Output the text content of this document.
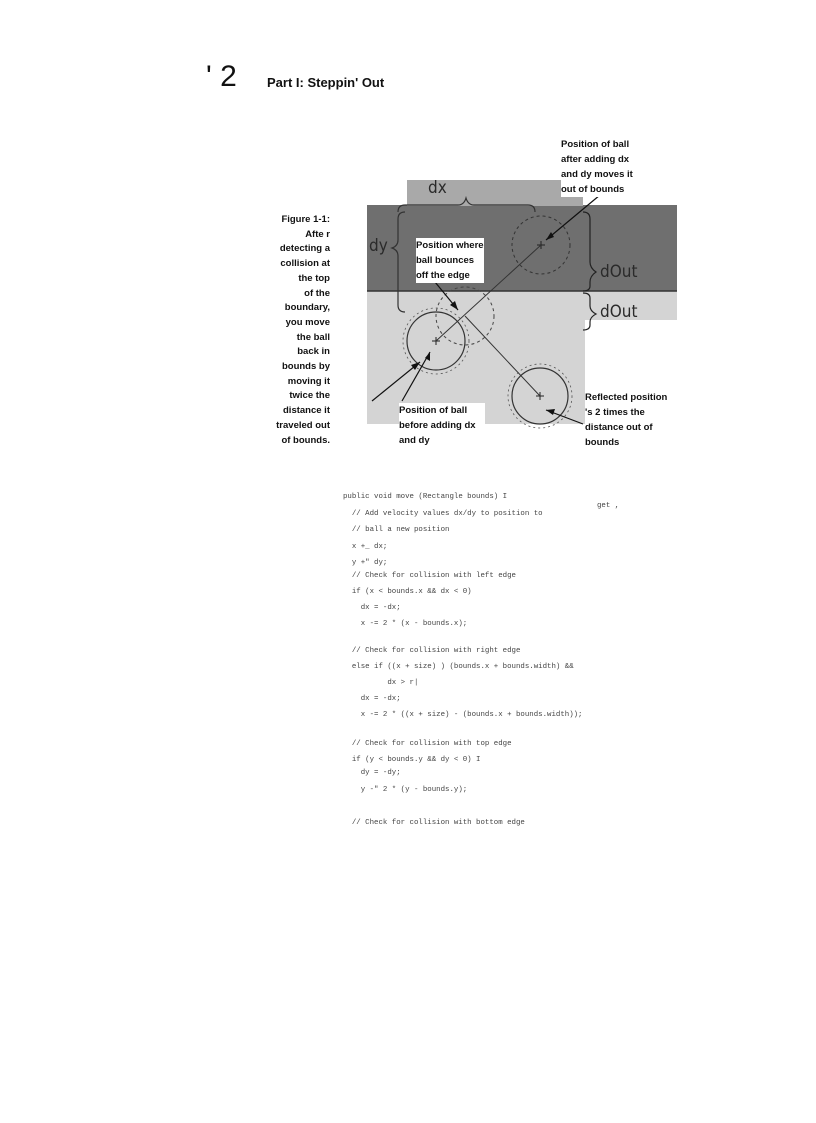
' 2 Part I: Steppin' Out
Figure 1-1:
Afte r
detecting a
collision at
the top
of the
boundary,
you move
the ball
back in
bounds by
moving it
twice the
distance it
traveled out
of bounds.
dx
dy
dOut
dOut
Position of ball
after adding dx
and dy moves it
out of bounds
Position where
ball bounces
off the edge
Position of ball
before adding dx
and dy
Reflected position
's 2 times the
distance out of
bounds
public void move (Rectangle bounds) I
// Add velocity values dx/dy to position to
// ball a new position
x +_ dx;
y +" dy;
// Check for collision with left edge
if (x < bounds.x && dx < 0)
dx = -dx;
x -= 2 * (x - bounds.x);
// Check for collision with right edge
else if ((x + size) ) (bounds.x + bounds.width) &&
dx > r|
dx = -dx;
x -= 2 * ((x + size) - (bounds.x + bounds.width));
// Check for collision with top edge
if (y < bounds.y && dy < 0) I
dy = -dy;
y -" 2 * (y - bounds.y);
// Check for collision with bottom edge
get ,
